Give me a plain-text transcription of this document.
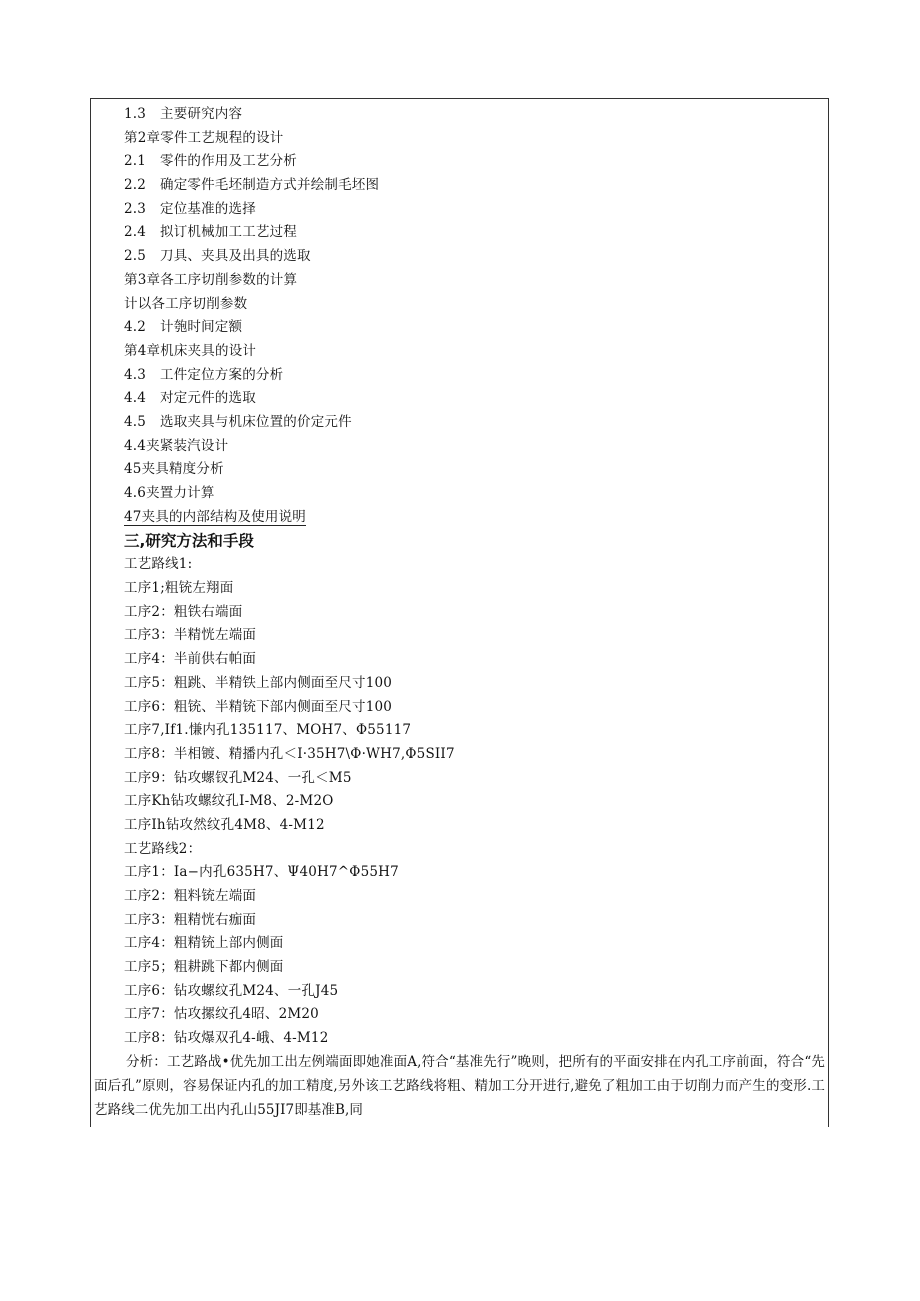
1.3 主要研究内容
第2章零件工艺规程的设计
2.1 零件的作用及工艺分析
2.2 确定零件毛坯制造方式并绘制毛坯图
2.3 定位基准的选择
2.4 拟订机械加工工艺过程
2.5 刀具、夹具及出具的选取
第3章各工序切削参数的计算
计以各工序切削参数
4.2 计匏时间定额
第4章机床夹具的设计
4.3 工件定位方案的分析
4.4 对定元件的选取
4.5 选取夹具与机床位置的价定元件
4.4夹紧装汽设计
45夹具精度分析
4.6夹置力计算
47夹具的内部结构及使用说明
三,研究方法和手段
工艺路线1:
工序1;粗铳左翔面
工序2：粗铁右端面
工序3：半精恍左端面
工序4：半前供右帕面
工序5：粗跳、半精铁上部内侧面至尺寸100
工序6：粗铳、半精铳下部内侧面至尺寸100
工序7,If1.慊内孔135117、MOH7、Φ55117
工序8：半相镀、精播内孔＜I·35H7\Φ·WH7,Φ5SII7
工序9：钻攻螺钗孔M24、一孔＜M5
工序Kh钻攻螺纹孔I-M8、2-M2O
工序Ih钻攻然纹孔4M8、4-M12
工艺路线2：
工序1：Ia−内孔635H7、Ψ40H7^Φ55H7
工序2：粗料铳左端面
工序3：粗精恍右痂面
工序4：粗精铳上部内侧面
工序5；粗耕跳下都内侧面
工序6：钻攻螺纹孔M24、一孔J45
工序7：怙攻摞纹孔4昭、2M20
工序8：钻攻爆双孔4-峨、4-M12

分析：工艺路战•优先加工出左例端面即她准面A,符合“基准先行”晚则，把所有的平面安排在内孔工序前面，符合“先面后孔”原则，容易保证内孔的加工精度,另外该工艺路线将粗、精加工分开进行,避免了粗加工由于切削力而产生的变形.工艺路线二优先加工出内孔山55JI7即基准B,同
